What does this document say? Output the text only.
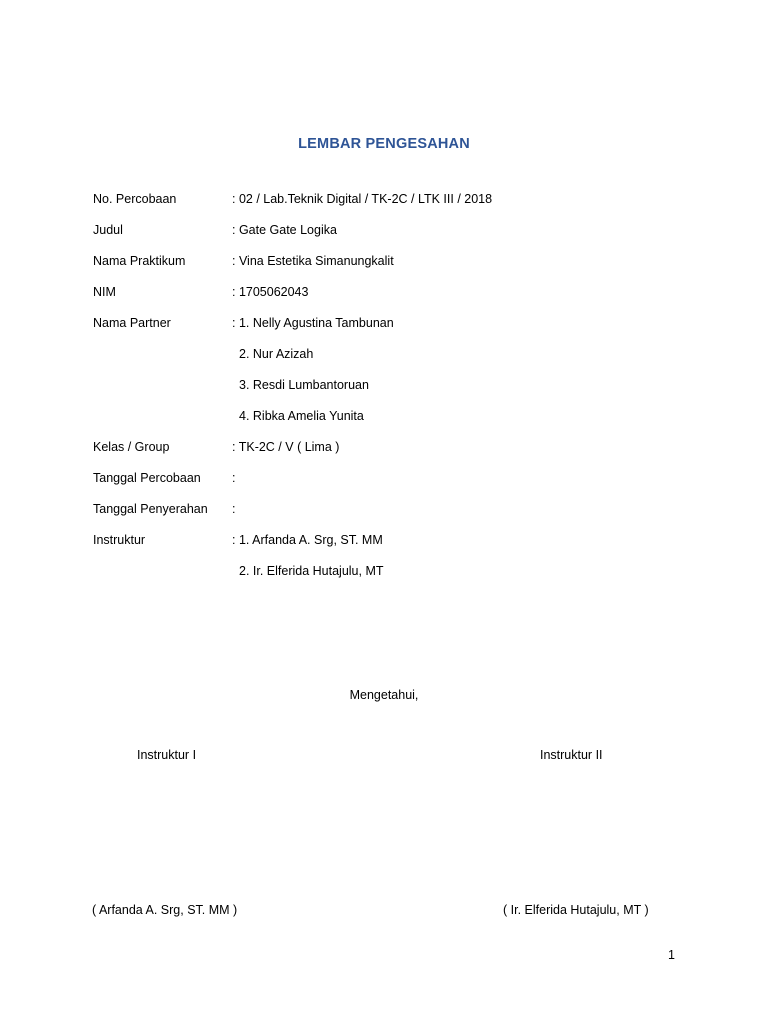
LEMBAR PENGESAHAN
No. Percobaan	: 02 / Lab.Teknik Digital / TK-2C / LTK III / 2018
Judul	: Gate Gate Logika
Nama Praktikum	: Vina Estetika Simanungkalit
NIM	: 1705062043
Nama Partner	: 1. Nelly Agustina Tambunan
2. Nur Azizah
3. Resdi Lumbantoruan
4. Ribka Amelia Yunita
Kelas / Group	: TK-2C / V ( Lima )
Tanggal Percobaan	:
Tanggal Penyerahan :
Instruktur	: 1. Arfanda A. Srg, ST. MM
2. Ir. Elferida Hutajulu, MT
Mengetahui,
Instruktur I	Instruktur II
( Arfanda A. Srg, ST. MM )	( Ir. Elferida Hutajulu, MT )
1
